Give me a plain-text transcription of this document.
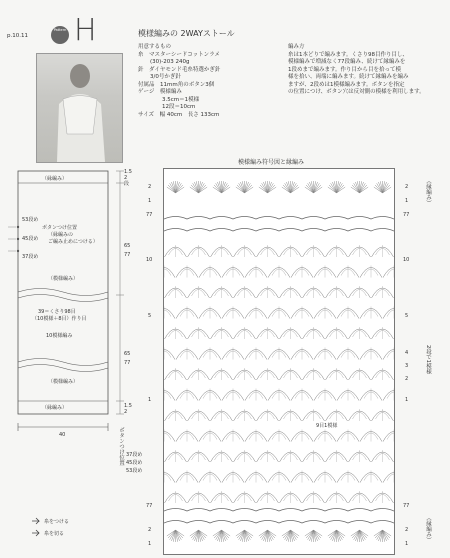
p.10.11
Pattern H	模様編みの 2WAYストール
用意するもの
糸　 マスターシードコットンラメ
(30)-203 240g
針　 ダイヤモンド毛糸特選かぎ針
3/0号かぎ針
付属品　 11mm角のボタン3個
ゲージ　 模様編み
3.5cm＝1模様
12段＝10cm
サイズ　 幅 40cm　長さ 133cm
編み方
糸は1本どりで編みます。くさり98目作り目し、
模様編みで増減なく77段編み、続けて縁編みを
1段めまで編みます。作り目から目を拾って模
様を拾い、両端に編みます。続けて縁編みを編み
ますが、2段めは1模様編みます。ボタンを指定
の位置につけ、ボタン穴は反対側の模様を利用します。
（縁編み）
ボタンつけ位置
（縁編みの
ご編み止めにつける）
53段め
45段め
37段め
（模様編み）
39＝くさり98目
（10模様＋8目）作り目
10模様編み
（模様編み）
（縁編み）
40
1.5
2
段
65
77
65
77
1.5
2
ボタンつけ位置 37段め
45段め
53段め
糸をつける
糸を切る
模様編み符号図と縁編み
（縁編み）
2段で1模様
（縁編み）
9目1模様
2
1
77
10
5
1
77
2
1
2
1
77
10
5
4
3
2
1
77
2
1
